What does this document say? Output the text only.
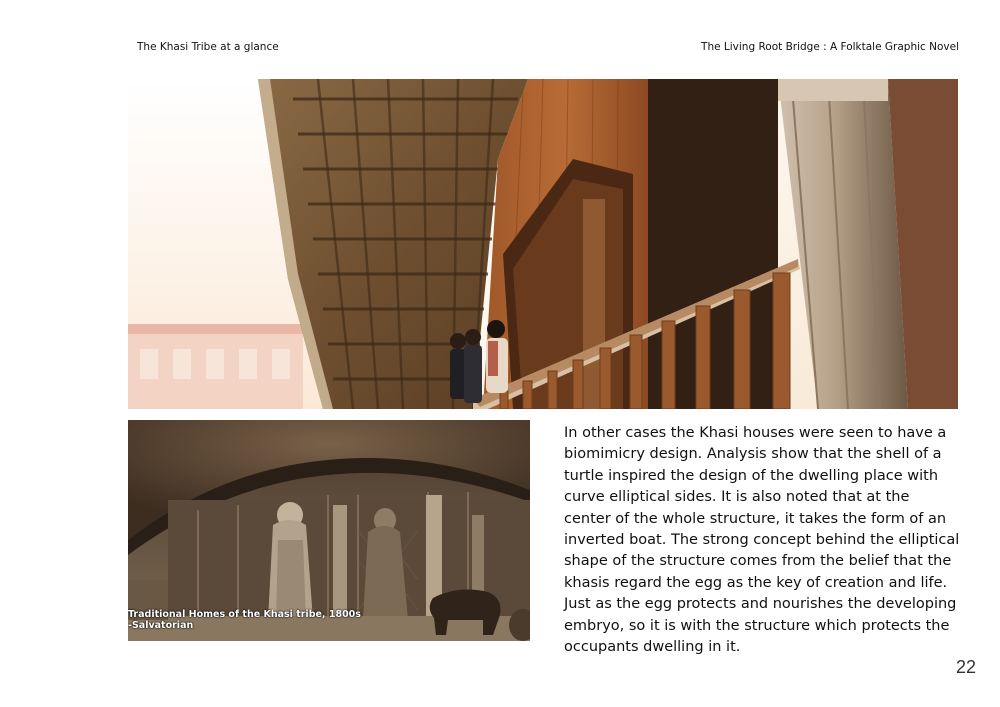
The Khasi Tribe at a glance	The Living Root Bridge : A Folktale Graphic Novel
Traditional Homes of the Khasi tribe, 1800s
-Salvatorian

In other cases the Khasi houses were seen to have a biomimicry design. Analysis show that the shell of a turtle inspired the design of the dwelling place with curve elliptical sides. It is also noted that at the center of the whole structure, it takes the form of an inverted boat. The strong concept behind the elliptical shape of the structure comes from the belief that the khasis regard the egg as the key of creation and life. Just as the egg protects and nourishes the developing embryo, so it is with the structure which protects the occupants dwelling in it.

22
